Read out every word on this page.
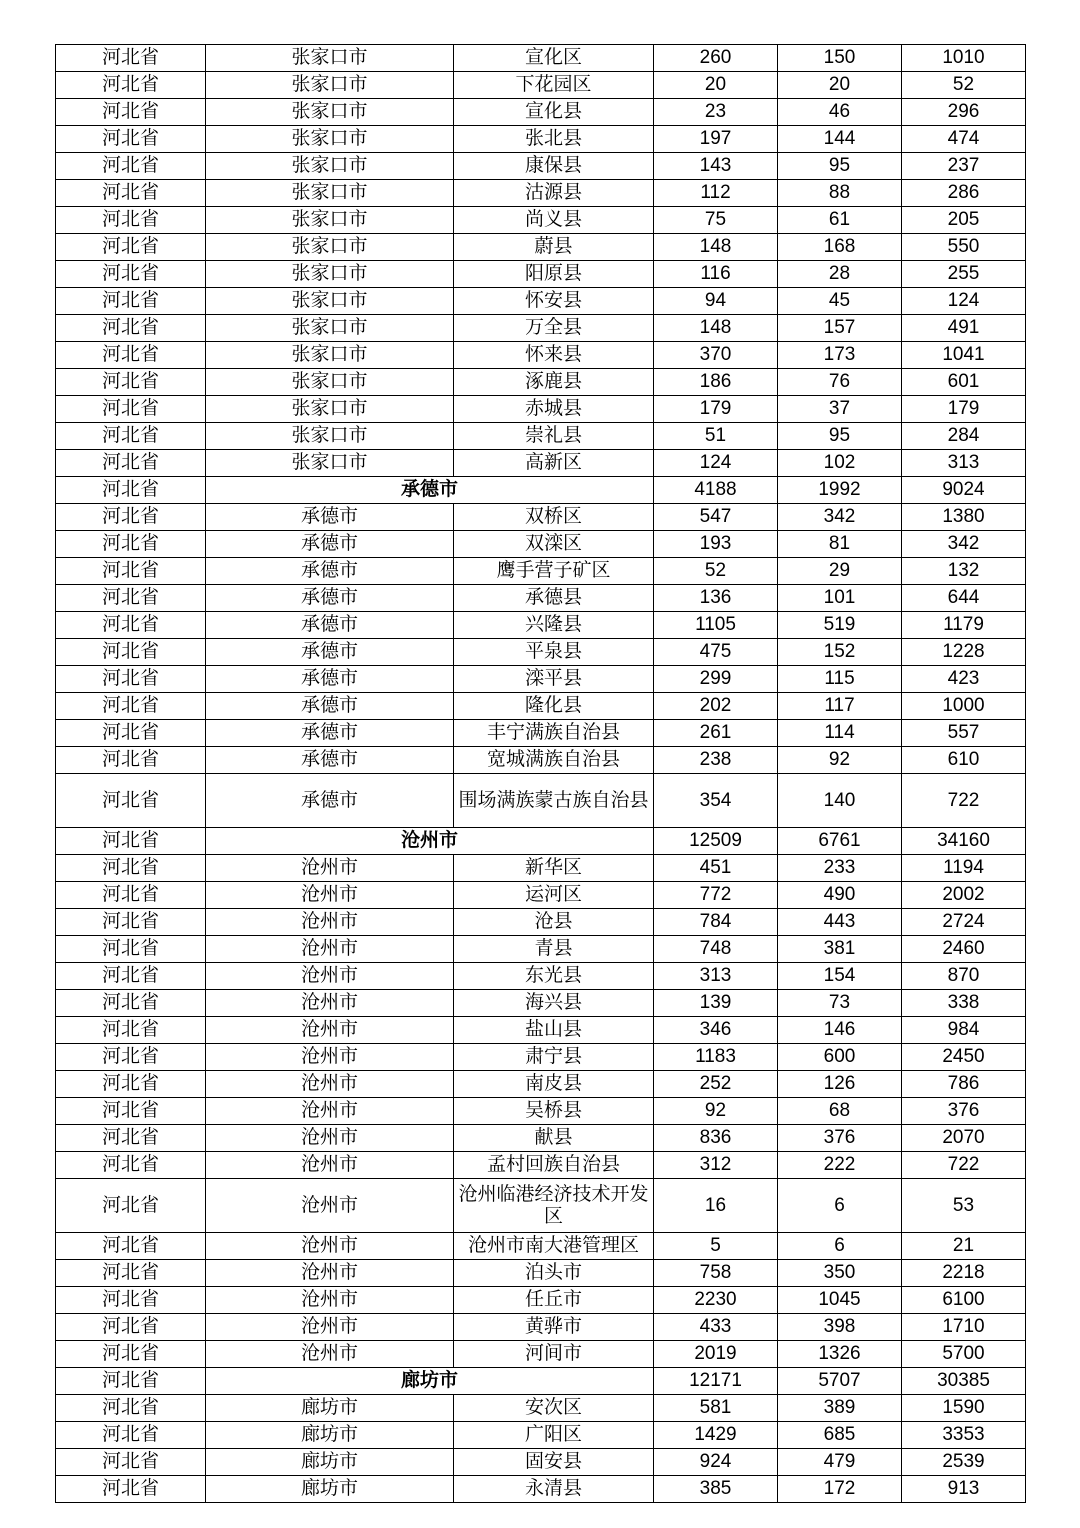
河北省	张家口市	宣化区	260	150	1010
河北省	张家口市	下花园区	20	20	52
河北省	张家口市	宣化县	23	46	296
河北省	张家口市	张北县	197	144	474
河北省	张家口市	康保县	143	95	237
河北省	张家口市	沽源县	112	88	286
河北省	张家口市	尚义县	75	61	205
河北省	张家口市	蔚县	148	168	550
河北省	张家口市	阳原县	116	28	255
河北省	张家口市	怀安县	94	45	124
河北省	张家口市	万全县	148	157	491
河北省	张家口市	怀来县	370	173	1041
河北省	张家口市	涿鹿县	186	76	601
河北省	张家口市	赤城县	179	37	179
河北省	张家口市	崇礼县	51	95	284
河北省	张家口市	高新区	124	102	313
河北省	承德市		4188	1992	9024
河北省	承德市	双桥区	547	342	1380
河北省	承德市	双滦区	193	81	342
河北省	承德市	鹰手营子矿区	52	29	132
河北省	承德市	承德县	136	101	644
河北省	承德市	兴隆县	1105	519	1179
河北省	承德市	平泉县	475	152	1228
河北省	承德市	滦平县	299	115	423
河北省	承德市	隆化县	202	117	1000
河北省	承德市	丰宁满族自治县	261	114	557
河北省	承德市	宽城满族自治县	238	92	610
河北省	承德市	围场满族蒙古族自治县	354	140	722
河北省	沧州市		12509	6761	34160
河北省	沧州市	新华区	451	233	1194
河北省	沧州市	运河区	772	490	2002
河北省	沧州市	沧县	784	443	2724
河北省	沧州市	青县	748	381	2460
河北省	沧州市	东光县	313	154	870
河北省	沧州市	海兴县	139	73	338
河北省	沧州市	盐山县	346	146	984
河北省	沧州市	肃宁县	1183	600	2450
河北省	沧州市	南皮县	252	126	786
河北省	沧州市	吴桥县	92	68	376
河北省	沧州市	献县	836	376	2070
河北省	沧州市	孟村回族自治县	312	222	722
河北省	沧州市	沧州临港经济技术开发区	16	6	53
河北省	沧州市	沧州市南大港管理区	5	6	21
河北省	沧州市	泊头市	758	350	2218
河北省	沧州市	任丘市	2230	1045	6100
河北省	沧州市	黄骅市	433	398	1710
河北省	沧州市	河间市	2019	1326	5700
河北省	廊坊市		12171	5707	30385
河北省	廊坊市	安次区	581	389	1590
河北省	廊坊市	广阳区	1429	685	3353
河北省	廊坊市	固安县	924	479	2539
河北省	廊坊市	永清县	385	172	913
